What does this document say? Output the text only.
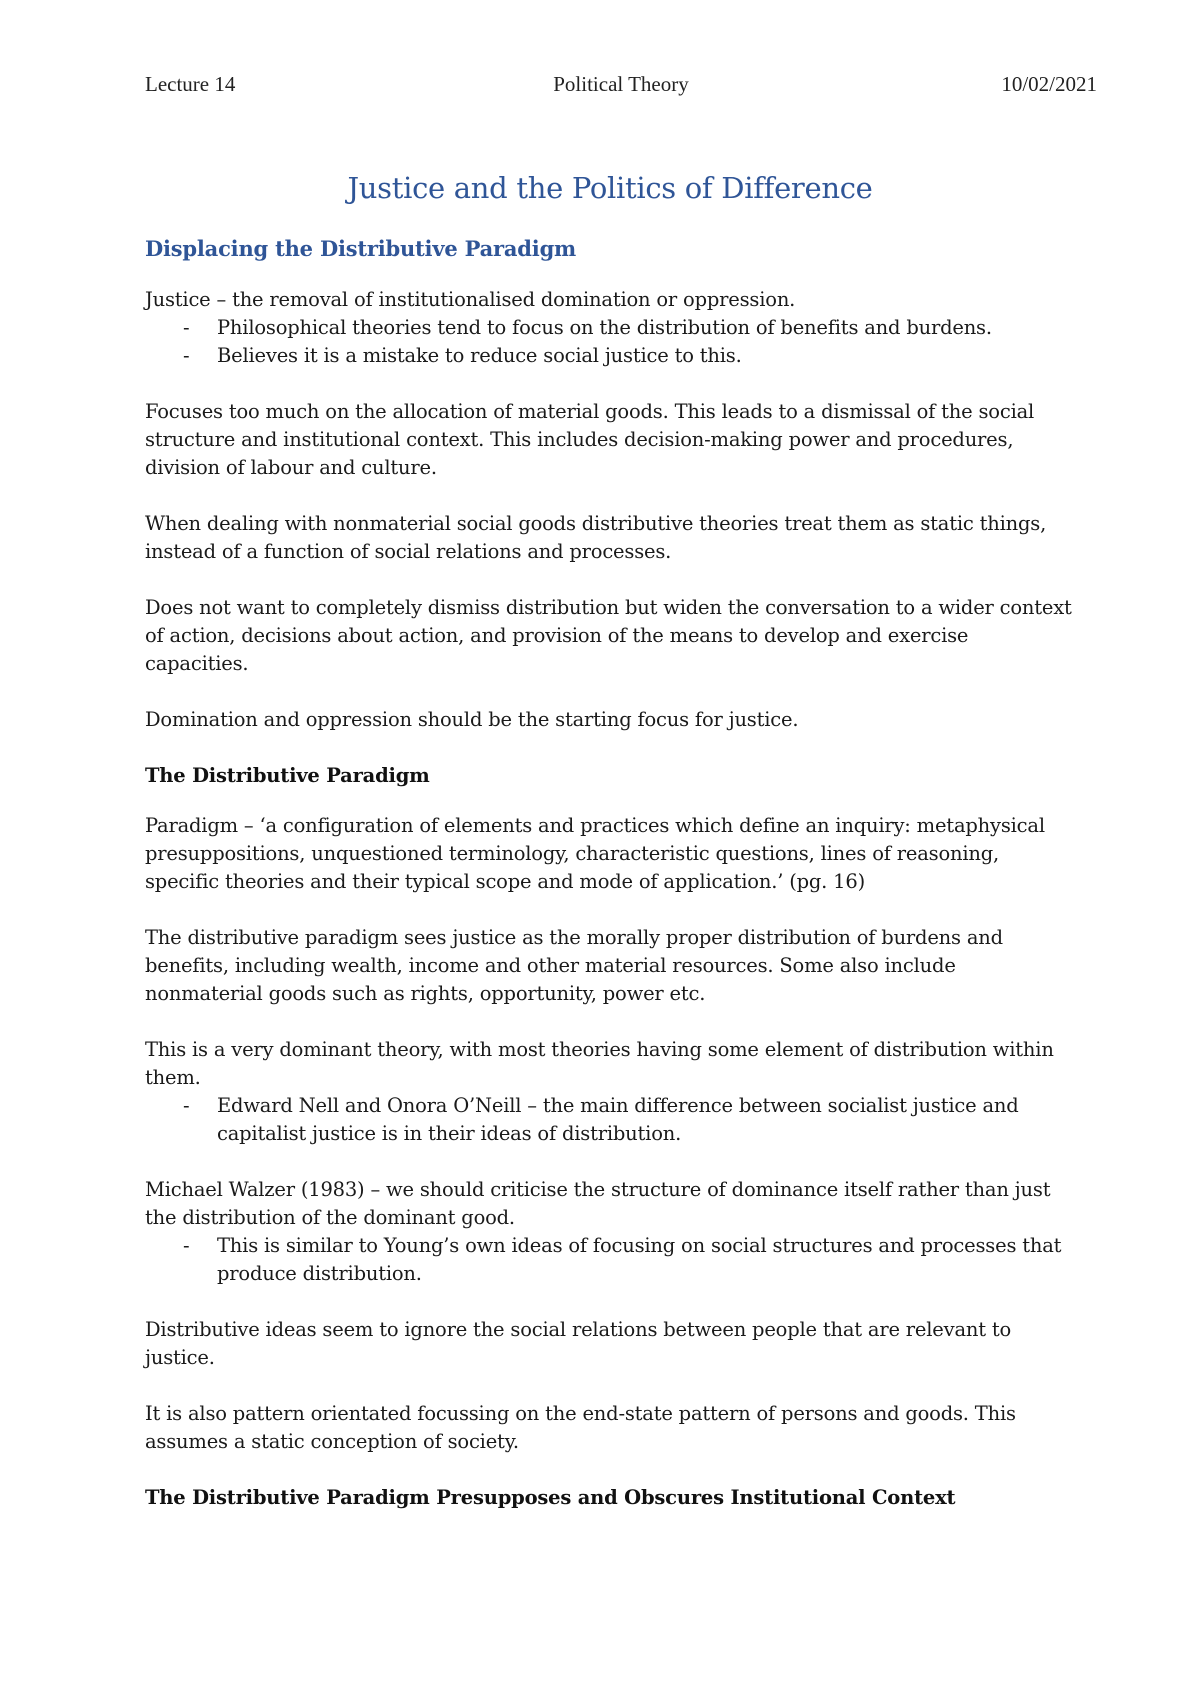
Lecture 14	Political Theory	10/02/2021
Justice and the Politics of Difference
Displacing the Distributive Paradigm

Justice – the removal of institutionalised domination or oppression.

- Philosophical theories tend to focus on the distribution of benefits and burdens.
- Believes it is a mistake to reduce social justice to this.

Focuses too much on the allocation of material goods. This leads to a dismissal of the social structure and institutional context. This includes decision-making power and procedures, division of labour and culture.

When dealing with nonmaterial social goods distributive theories treat them as static things, instead of a function of social relations and processes.

Does not want to completely dismiss distribution but widen the conversation to a wider context of action, decisions about action, and provision of the means to develop and exercise capacities.

Domination and oppression should be the starting focus for justice.

The Distributive Paradigm

Paradigm – ‘a configuration of elements and practices which define an inquiry: metaphysical presuppositions, unquestioned terminology, characteristic questions, lines of reasoning, specific theories and their typical scope and mode of application.’ (pg. 16)

The distributive paradigm sees justice as the morally proper distribution of burdens and benefits, including wealth, income and other material resources. Some also include nonmaterial goods such as rights, opportunity, power etc.

This is a very dominant theory, with most theories having some element of distribution within them.

- Edward Nell and Onora O’Neill – the main difference between socialist justice and capitalist justice is in their ideas of distribution.

Michael Walzer (1983) – we should criticise the structure of dominance itself rather than just the distribution of the dominant good.

- This is similar to Young’s own ideas of focusing on social structures and processes that produce distribution.

Distributive ideas seem to ignore the social relations between people that are relevant to justice.

It is also pattern orientated focussing on the end-state pattern of persons and goods. This assumes a static conception of society.

The Distributive Paradigm Presupposes and Obscures Institutional Context
